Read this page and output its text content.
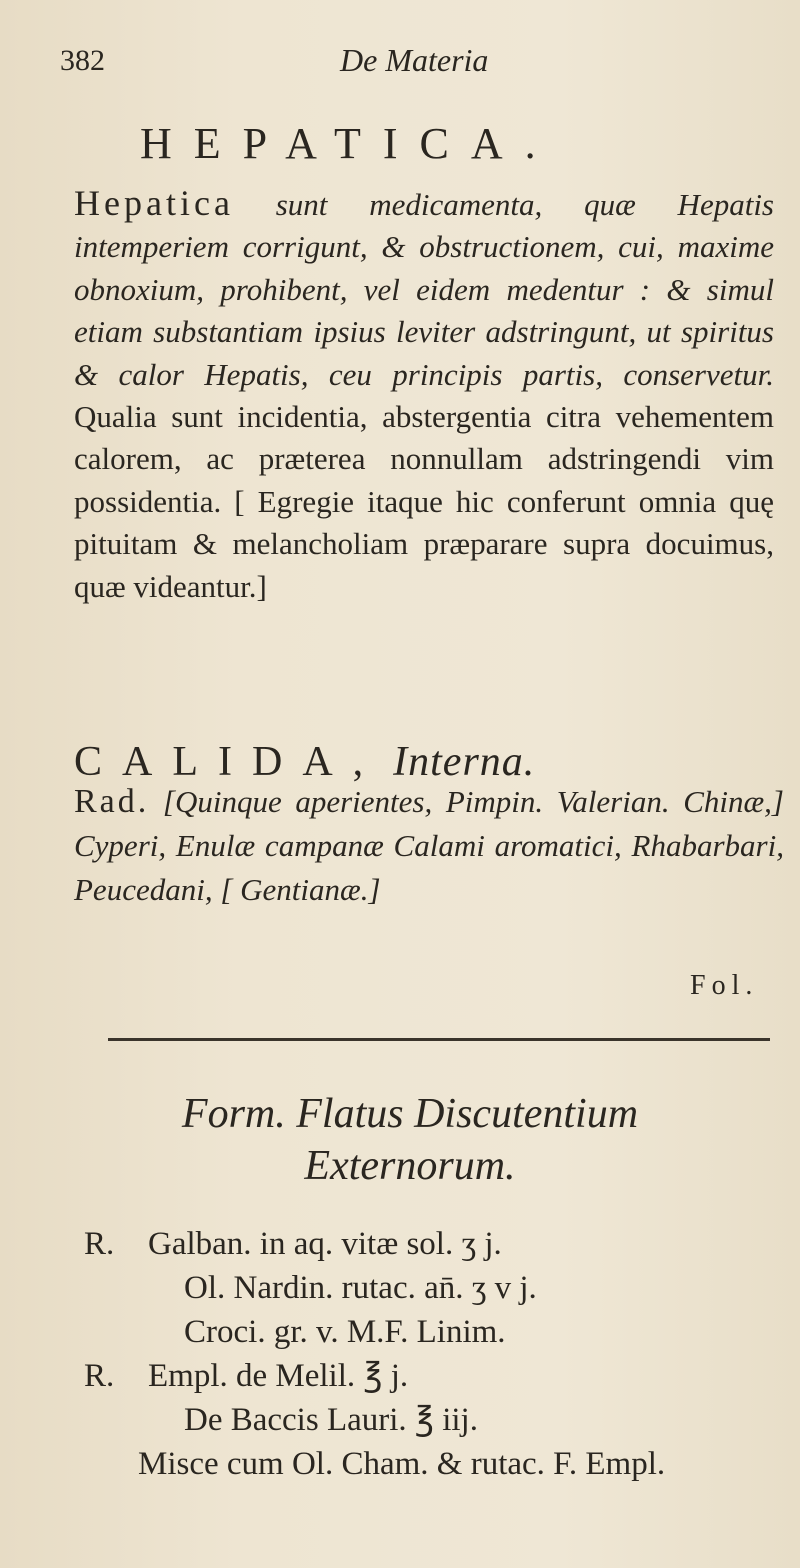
382	De Materia
HEPATICA.

Hepatica sunt medicamenta, quæ Hepatis intemperiem corrigunt, & obstructionem, cui, maxime obnoxium, prohibent, vel eidem medentur : & simul etiam substantiam ipsius leviter adstringunt, ut spiritus & calor Hepatis, ceu principis partis, conservetur. Qualia sunt incidentia, abstergentia citra vehementem calorem, ac præterea nonnullam adstringendi vim possidentia. [ Egregie itaque hic conferunt omnia quę pituitam & melancholiam præparare supra docuimus, quæ videantur.]

CALIDA, Interna.

Rad. [Quinque aperientes, Pimpin. Valerian. Chinæ,] Cyperi, Enulæ campanæ Calami aromatici, Rhabarbari, Peucedani, [ Gentianæ.]

Fol.
Form. Flatus Discutentium
Externorum.
R. Galban. in aq. vitæ sol. ʒ j.
Ol. Nardin. rutac. an̄. ʒ v j.
Croci. gr. v. M.F. Linim.
R. Empl. de Melil. ℥ j.
De Baccis Lauri. ℥ iij.
Misce cum Ol. Cham. & rutac. F. Empl.
